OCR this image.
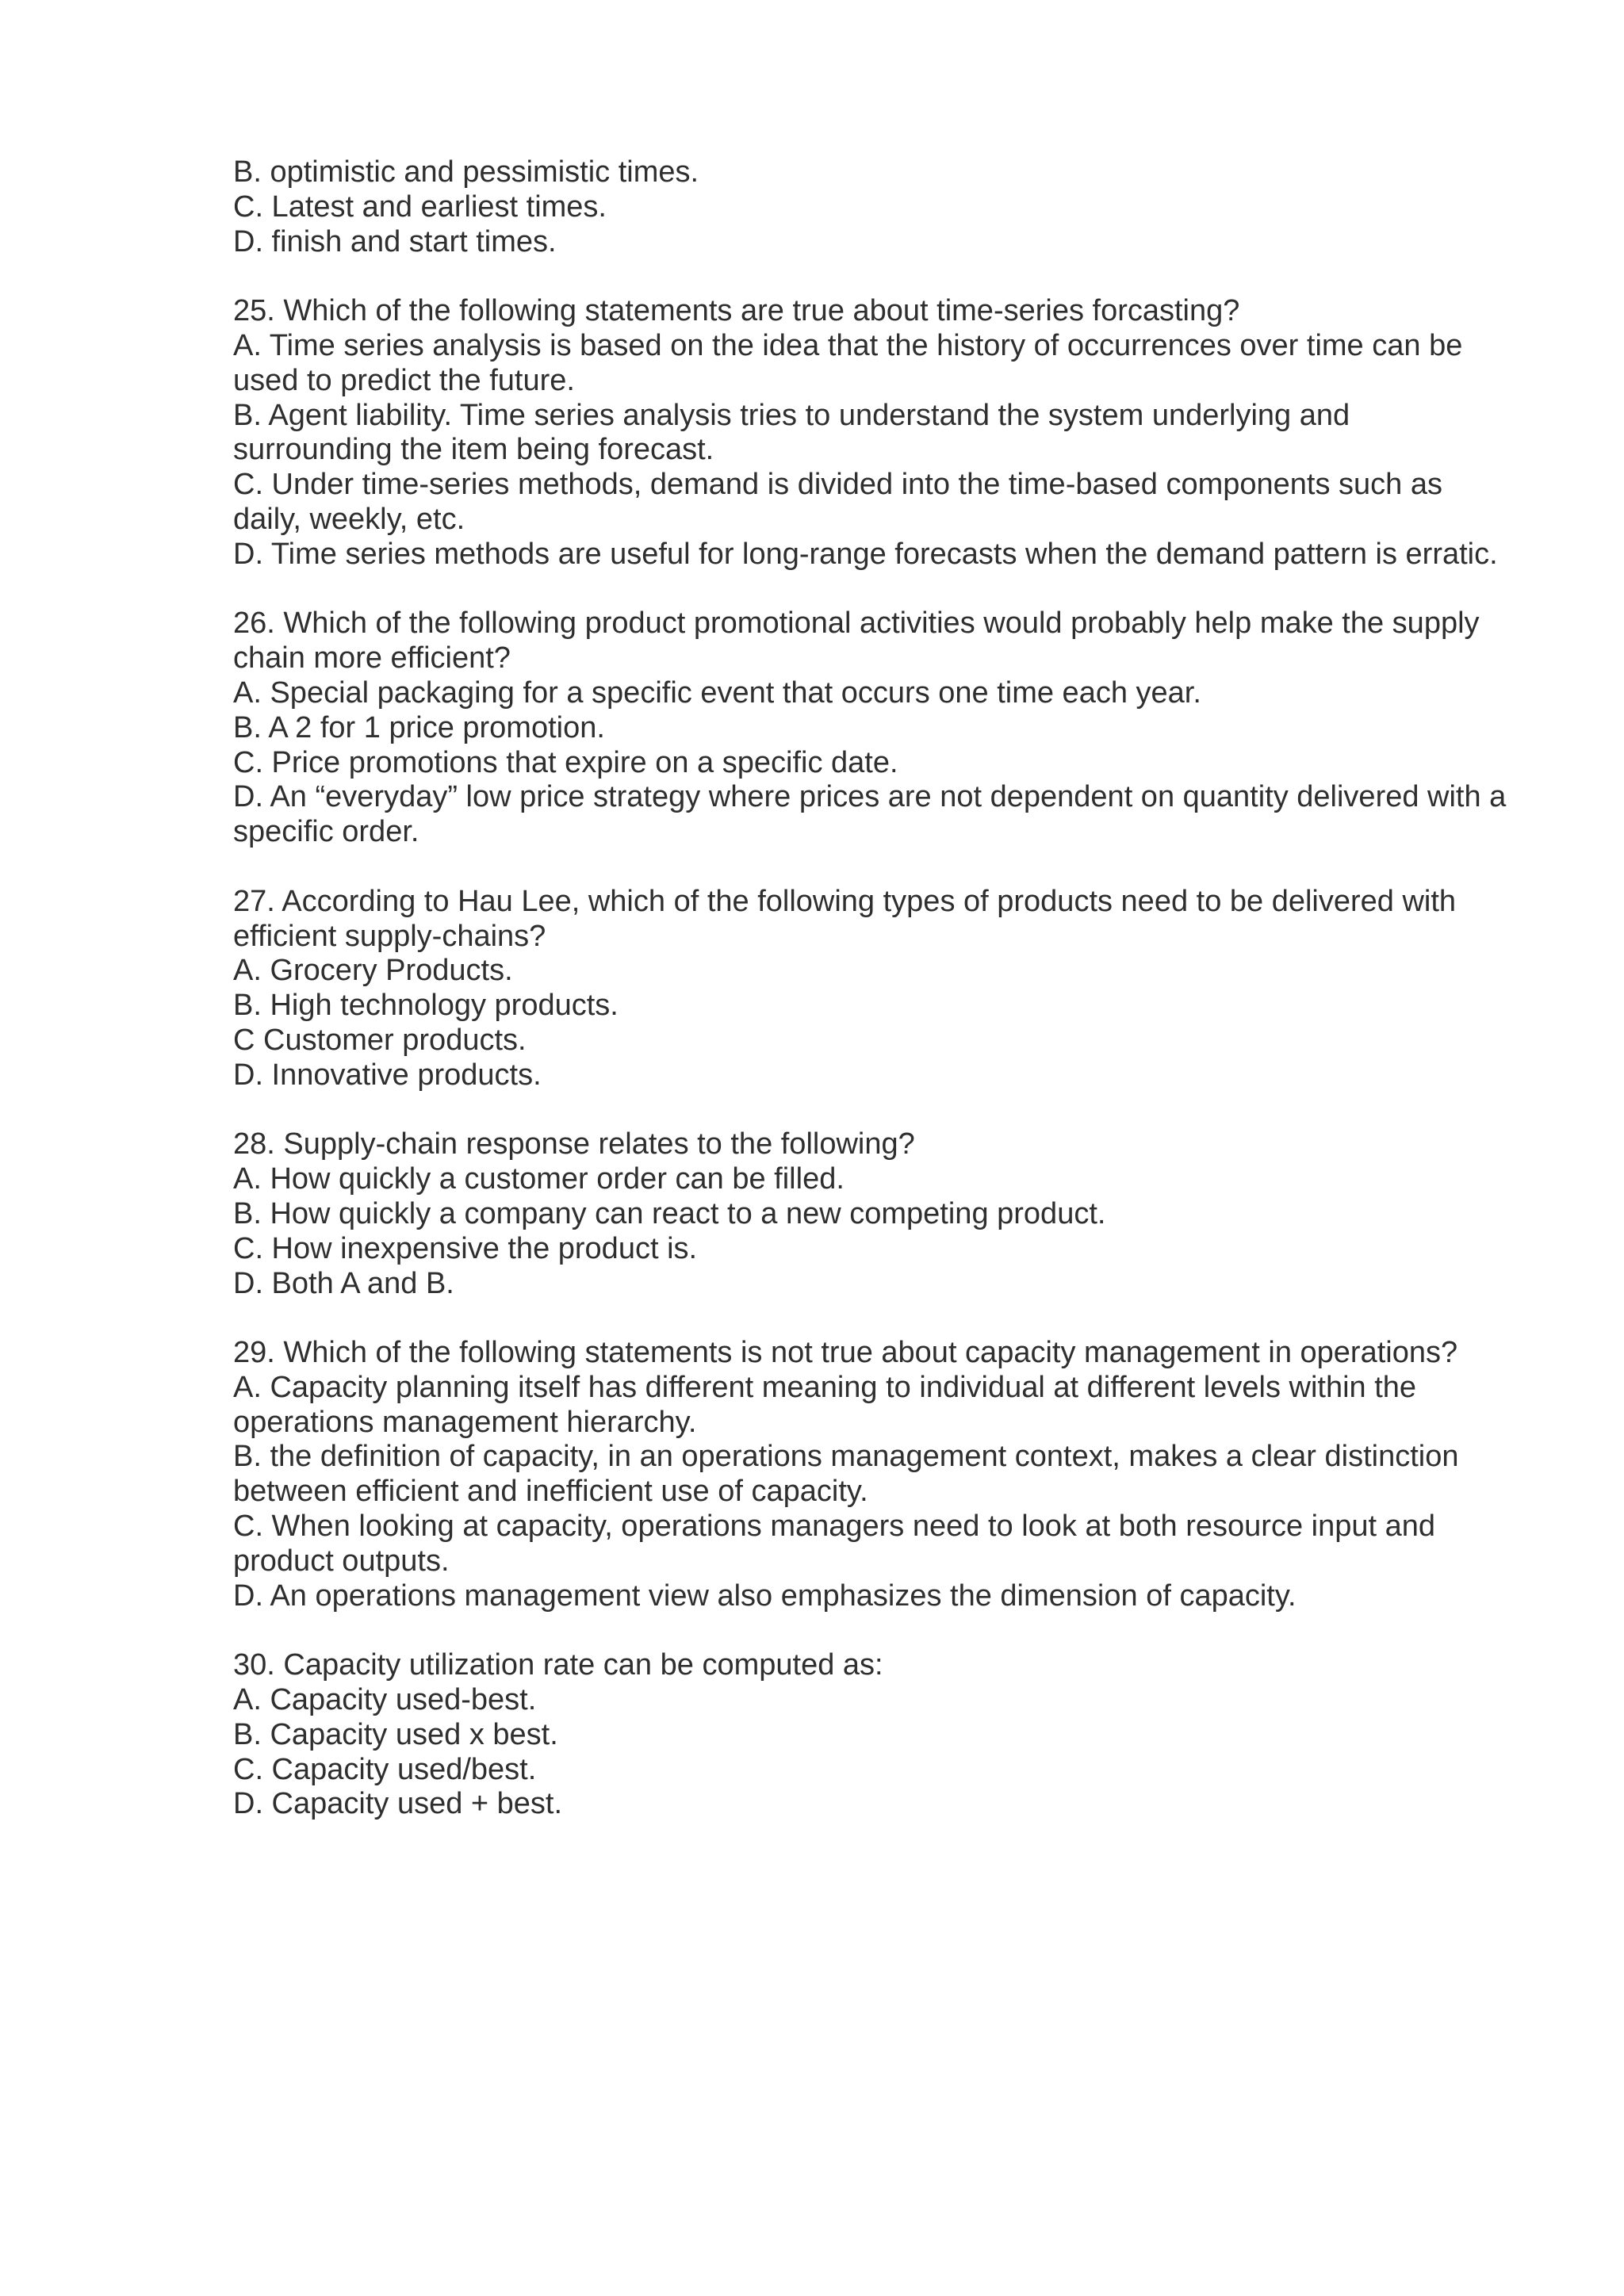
B. optimistic and pessimistic times.
C. Latest and earliest times.
D. finish and start times.
25. Which of the following statements are true about time-series forcasting?
A. Time series analysis is based on the idea that the history of occurrences over time can be
used to predict the future.
B. Agent liability. Time series analysis tries to understand the system underlying and
surrounding the item being forecast.
C. Under time-series methods, demand is divided into the time-based components such as
daily, weekly, etc.
D. Time series methods are useful for long-range forecasts when the demand pattern is erratic.
26. Which of the following product promotional activities would probably help make the supply
chain more efficient?
A. Special packaging for a specific event that occurs one time each year.
B. A 2 for 1 price promotion.
C. Price promotions that expire on a specific date.
D. An “everyday” low price strategy where prices are not dependent on quantity delivered with a
specific order.
27. According to Hau Lee, which of the following types of products need to be delivered with
efficient supply-chains?
A. Grocery Products.
B. High technology products.
C Customer products.
D. Innovative products.
28. Supply-chain response relates to the following?
A. How quickly a customer order can be filled.
B. How quickly a company can react to a new competing product.
C. How inexpensive the product is.
D. Both A and B.
29. Which of the following statements is not true about capacity management in operations?
A. Capacity planning itself has different meaning to individual at different levels within the
operations management hierarchy.
B. the definition of capacity, in an operations management context, makes a clear distinction
between efficient and inefficient use of capacity.
C. When looking at capacity, operations managers need to look at both resource input and
product outputs.
D. An operations management view also emphasizes the dimension of capacity.
30. Capacity utilization rate can be computed as:
A. Capacity used-best.
B. Capacity used x best.
C. Capacity used/best.
D. Capacity used + best.
